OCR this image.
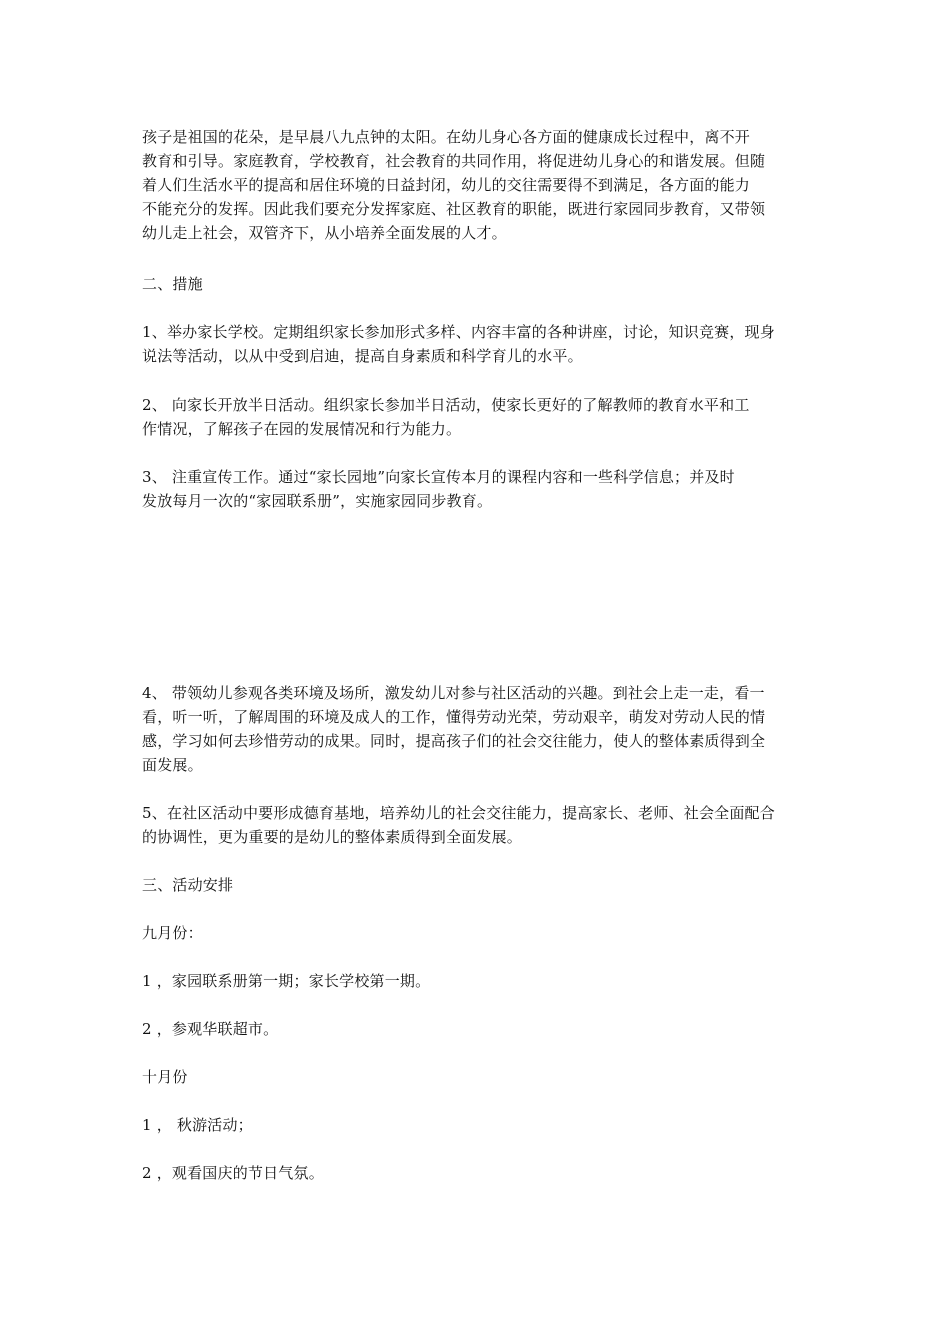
孩子是祖国的花朵，是早晨八九点钟的太阳。在幼儿身心各方面的健康成长过程中，离不开
教育和引导。家庭教育，学校教育，社会教育的共同作用，将促进幼儿身心的和谐发展。但随
着人们生活水平的提高和居住环境的日益封闭，幼儿的交往需要得不到满足，各方面的能力
不能充分的发挥。因此我们要充分发挥家庭、社区教育的职能，既进行家园同步教育，又带领
幼儿走上社会，双管齐下，从小培养全面发展的人才。
二、措施
1、举办家长学校。定期组织家长参加形式多样、内容丰富的各种讲座，讨论，知识竞赛，现身
说法等活动，以从中受到启迪，提高自身素质和科学育儿的水平。
2、 向家长开放半日活动。组织家长参加半日活动，使家长更好的了解教师的教育水平和工
作情况，了解孩子在园的发展情况和行为能力。
3、 注重宣传工作。通过“家长园地”向家长宣传本月的课程内容和一些科学信息；并及时
发放每月一次的“家园联系册”，实施家园同步教育。
4、 带领幼儿参观各类环境及场所，激发幼儿对参与社区活动的兴趣。到社会上走一走，看一
看，听一听，了解周围的环境及成人的工作，懂得劳动光荣，劳动艰辛，萌发对劳动人民的情
感，学习如何去珍惜劳动的成果。同时，提高孩子们的社会交往能力，使人的整体素质得到全
面发展。
5、在社区活动中要形成德育基地，培养幼儿的社会交往能力，提高家长、老师、社会全面配合
的协调性，更为重要的是幼儿的整体素质得到全面发展。
三、活动安排
九月份：
1 ，家园联系册第一期；家长学校第一期。
2 ，参观华联超市。
十月份
1 ， 秋游活动；
2 ，观看国庆的节日气氛。
